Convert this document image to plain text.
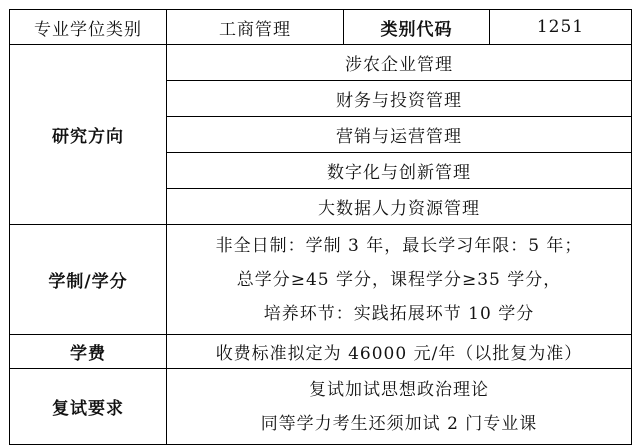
专业学位类别	工商管理	类别代码	1251
研究方向	涉农企业管理		
	财务与投资管理		
	营销与运营管理		
	数字化与创新管理		
	大数据人力资源管理		
学制/学分	非全日制：学制 3 年，最长学习年限：5 年；
总学分≥45 学分，课程学分≥35 学分，
培养环节：实践拓展环节 10 学分		

学费	收费标准拟定为 46000 元/年（以批复为准）		
复试要求	复试加试思想政治理论
同等学力考生还须加试 2 门专业课		
